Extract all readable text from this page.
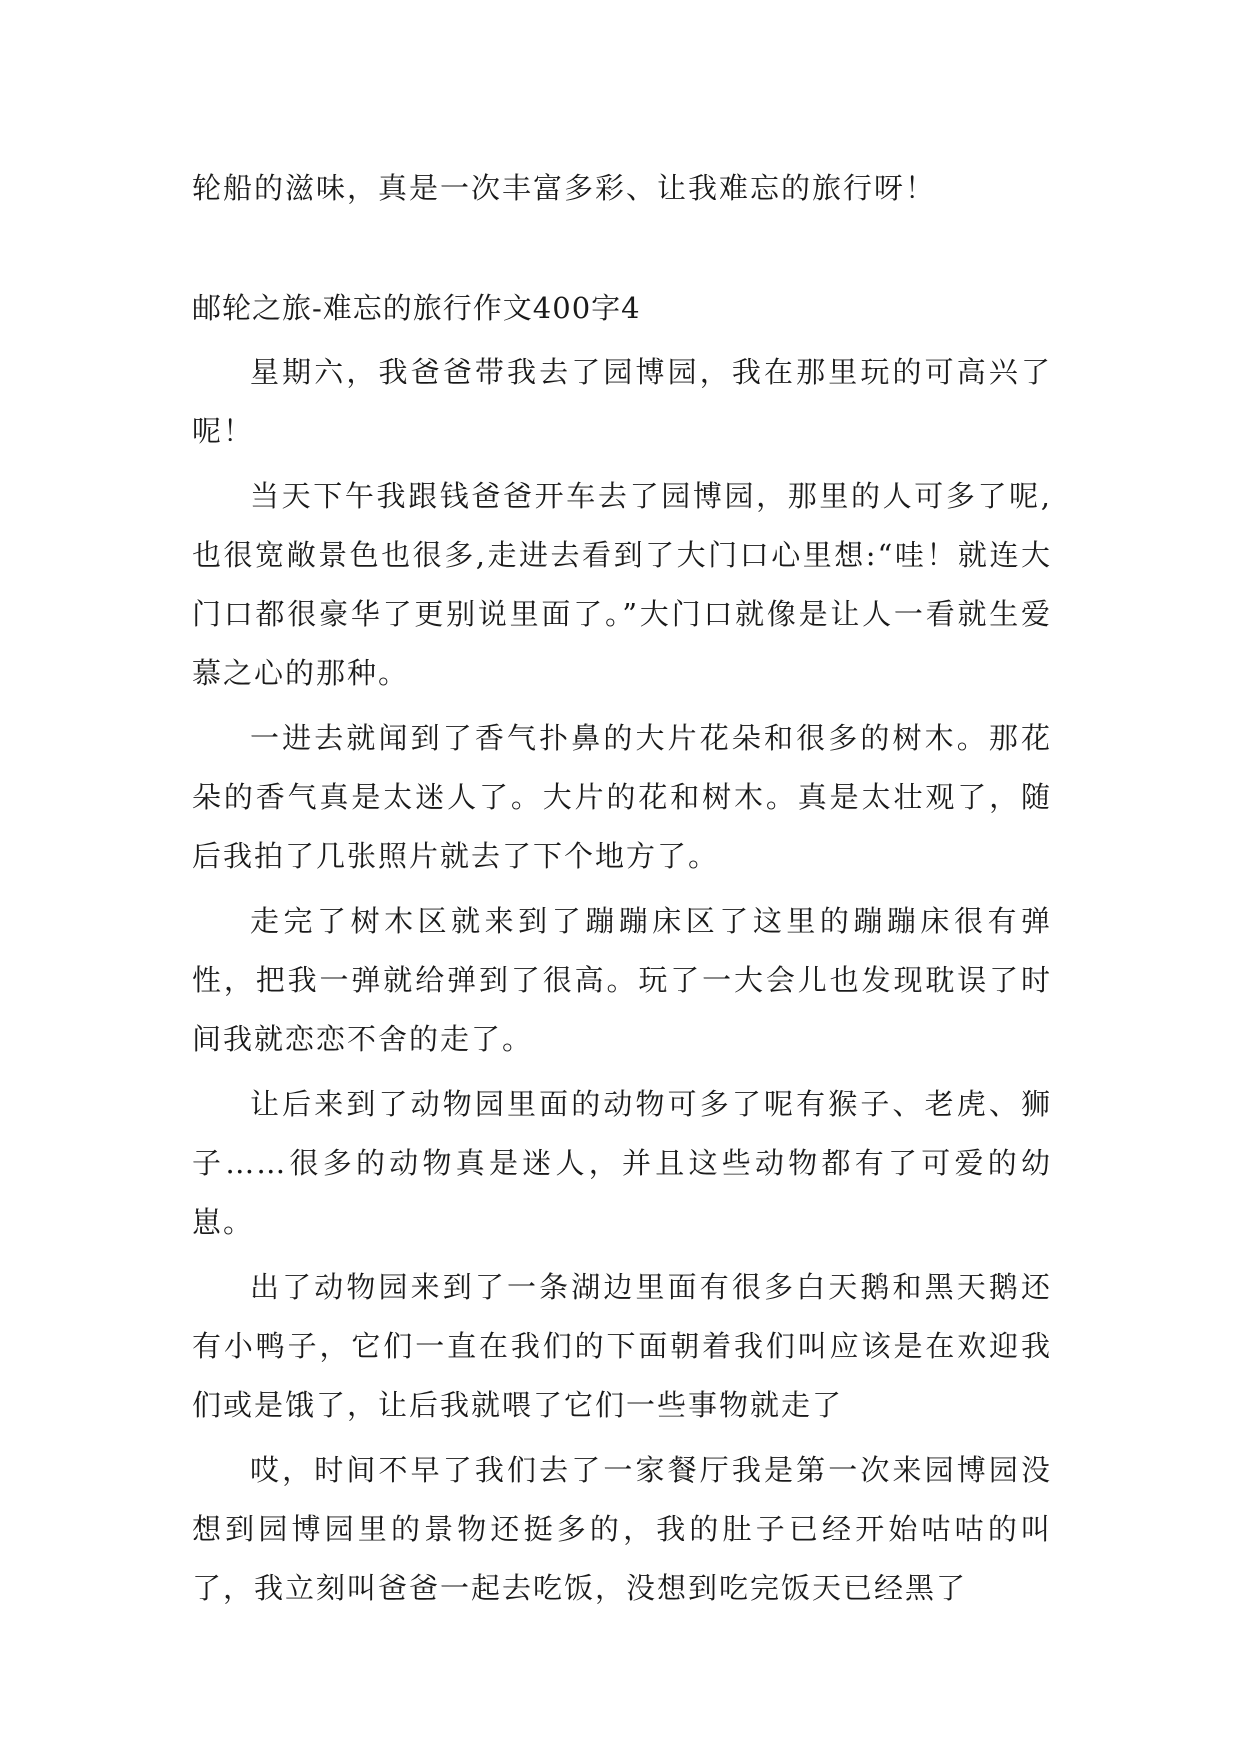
轮船的滋味，真是一次丰富多彩、让我难忘的旅行呀！

邮轮之旅-难忘的旅行作文400字4

星期六，我爸爸带我去了园博园，我在那里玩的可高兴了呢！

当天下午我跟钱爸爸开车去了园博园，那里的人可多了呢,也很宽敞景色也很多,走进去看到了大门口心里想:“哇！就连大门口都很豪华了更别说里面了。”大门口就像是让人一看就生爱慕之心的那种。

一进去就闻到了香气扑鼻的大片花朵和很多的树木。那花朵的香气真是太迷人了。大片的花和树木。真是太壮观了，随后我拍了几张照片就去了下个地方了。

走完了树木区就来到了蹦蹦床区了这里的蹦蹦床很有弹性，把我一弹就给弹到了很高。玩了一大会儿也发现耽误了时间我就恋恋不舍的走了。

让后来到了动物园里面的动物可多了呢有猴子、老虎、狮子……很多的动物真是迷人，并且这些动物都有了可爱的幼崽。

出了动物园来到了一条湖边里面有很多白天鹅和黑天鹅还有小鸭子，它们一直在我们的下面朝着我们叫应该是在欢迎我们或是饿了，让后我就喂了它们一些事物就走了

哎，时间不早了我们去了一家餐厅我是第一次来园博园没想到园博园里的景物还挺多的，我的肚子已经开始咕咕的叫了，我立刻叫爸爸一起去吃饭，没想到吃完饭天已经黑了
